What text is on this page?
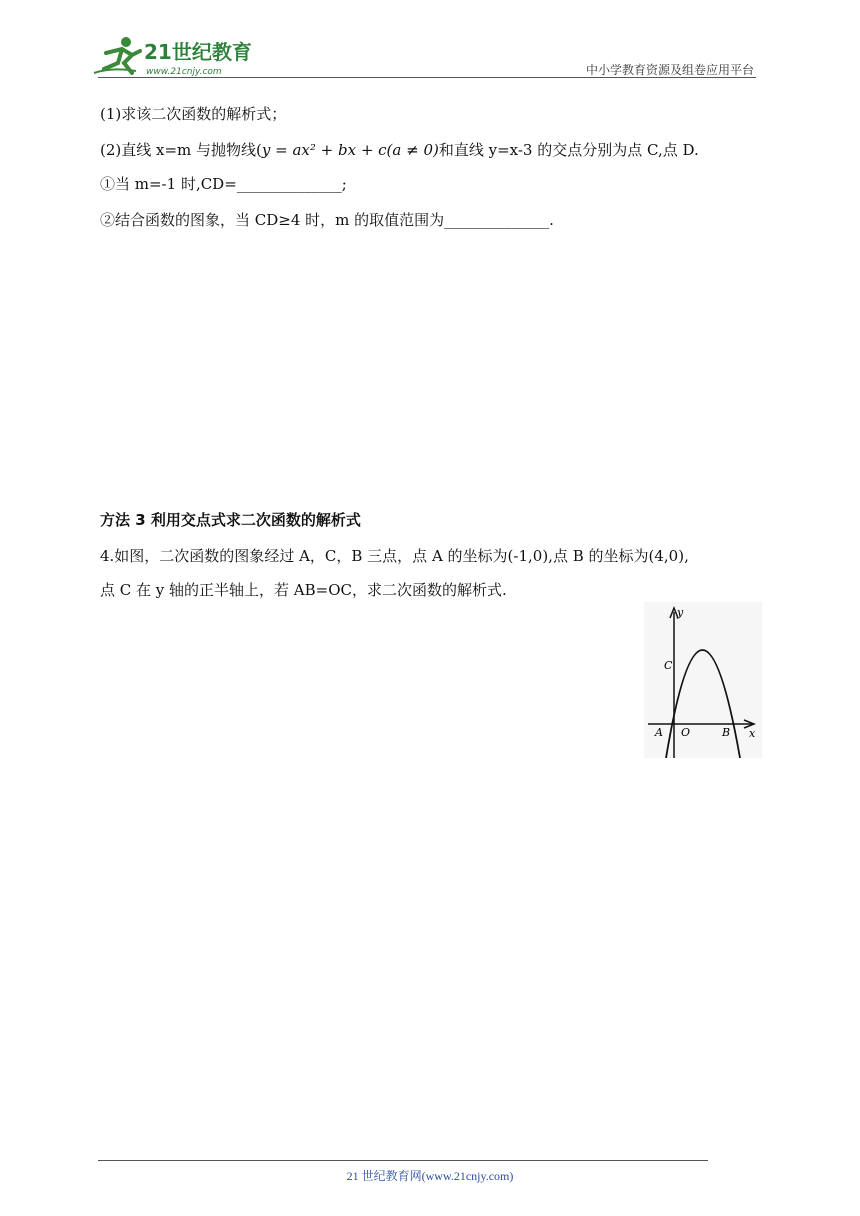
21世纪教育
www.21cnjy.com	中小学教育资源及组卷应用平台
(1)求该二次函数的解析式；
(2)直线 x=m 与抛物线(y = ax² + bx + c(a ≠ 0)和直线 y=x-3 的交点分别为点 C,点 D.
①当 m=-1 时,CD=______________;
②结合函数的图象，当 CD≥4 时，m 的取值范围为______________.
方法 3 利用交点式求二次函数的解析式
4.如图，二次函数的图象经过 A，C，B 三点，点 A 的坐标为(-1,0),点 B 的坐标为(4,0),
点 C 在 y 轴的正半轴上，若 AB=OC，求二次函数的解析式.
y
x
C
A O	B
21 世纪教育网(www.21cnjy.com)
